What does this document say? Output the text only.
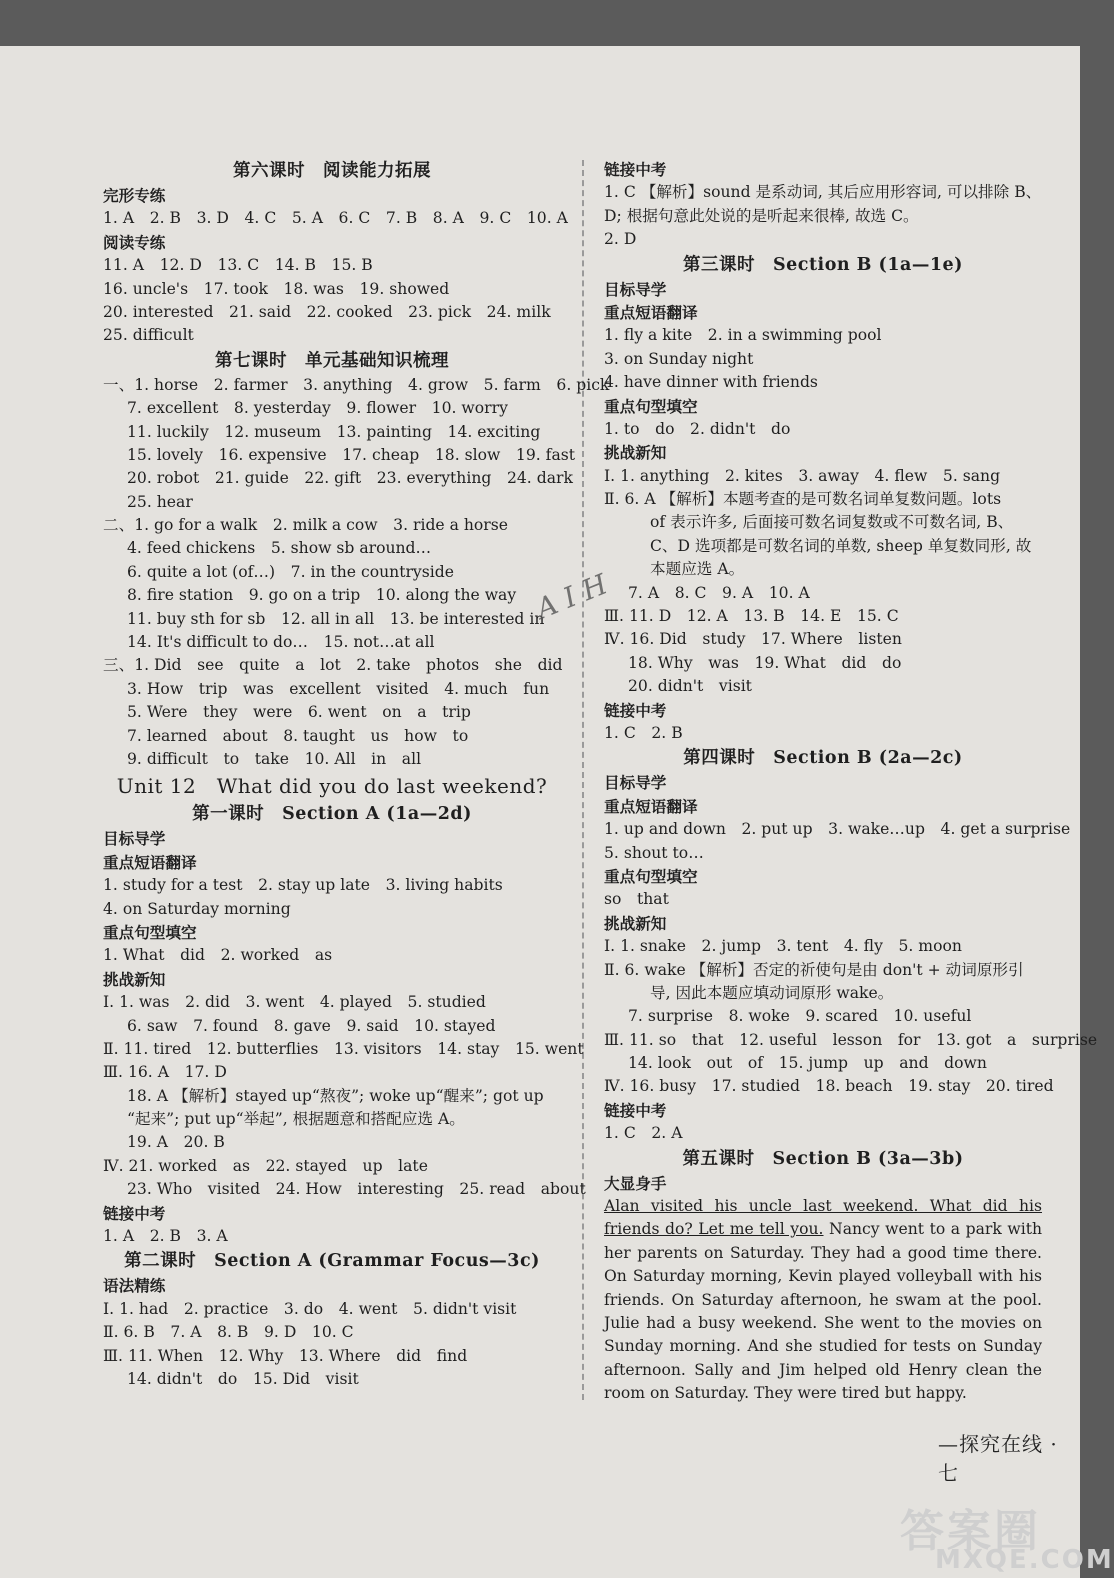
第六课时　阅读能力拓展
完形专练
1. A　2. B　3. D　4. C　5. A　6. C　7. B　8. A　9. C　10. A
阅读专练
11. A　12. D　13. C　14. B　15. B
16. uncle's　17. took　18. was　19. showed
20. interested　21. said　22. cooked　23. pick　24. milk
25. difficult
第七课时　单元基础知识梳理
一、1. horse　2. farmer　3. anything　4. grow　5. farm　6. pick
7. excellent　8. yesterday　9. flower　10. worry
11. luckily　12. museum　13. painting　14. exciting
15. lovely　16. expensive　17. cheap　18. slow　19. fast
20. robot　21. guide　22. gift　23. everything　24. dark
25. hear
二、1. go for a walk　2. milk a cow　3. ride a horse
4. feed chickens　5. show sb around…
6. quite a lot (of…)　7. in the countryside
8. fire station　9. go on a trip　10. along the way
11. buy sth for sb　12. all in all　13. be interested in
14. It's difficult to do…　15. not…at all
三、1. Did　see　quite　a　lot　2. take　photos　she　did
3. How　trip　was　excellent　visited　4. much　fun
5. Were　they　were　6. went　on　a　trip
7. learned　about　8. taught　us　how　to
9. difficult　to　take　10. All　in　all
Unit 12　What did you do last weekend?
第一课时　Section A (1a—2d)
目标导学
重点短语翻译
1. study for a test　2. stay up late　3. living habits
4. on Saturday morning
重点句型填空
1. What　did　2. worked　as
挑战新知
Ⅰ. 1. was　2. did　3. went　4. played　5. studied
6. saw　7. found　8. gave　9. said　10. stayed
Ⅱ. 11. tired　12. butterflies　13. visitors　14. stay　15. went
Ⅲ. 16. A　17. D
18. A 【解析】stayed up“熬夜”; woke up“醒来”; got up
“起来”; put up“举起”, 根据题意和搭配应选 A。
19. A　20. B
Ⅳ. 21. worked　as　22. stayed　up　late
23. Who　visited　24. How　interesting　25. read　about
链接中考
1. A　2. B　3. A
第二课时　Section A (Grammar Focus—3c)
语法精练
Ⅰ. 1. had　2. practice　3. do　4. went　5. didn't visit
Ⅱ. 6. B　7. A　8. B　9. D　10. C
Ⅲ. 11. When　12. Why　13. Where　did　find
14. didn't　do　15. Did　visit
链接中考
1. C 【解析】sound 是系动词, 其后应用形容词, 可以排除 B、
D; 根据句意此处说的是听起来很棒, 故选 C。
2. D
第三课时　Section B (1a—1e)
目标导学
重点短语翻译
1. fly a kite　2. in a swimming pool
3. on Sunday night
4. have dinner with friends
重点句型填空
1. to　do　2. didn't　do
挑战新知
Ⅰ. 1. anything　2. kites　3. away　4. flew　5. sang
Ⅱ. 6. A 【解析】本题考查的是可数名词单复数问题。lots
of 表示许多, 后面接可数名词复数或不可数名词, B、
C、D 选项都是可数名词的单数, sheep 单复数同形, 故
本题应选 A。
7. A　8. C　9. A　10. A
Ⅲ. 11. D　12. A　13. B　14. E　15. C
Ⅳ. 16. Did　study　17. Where　listen
18. Why　was　19. What　did　do
20. didn't　visit
链接中考
1. C　2. B
第四课时　Section B (2a—2c)
目标导学
重点短语翻译
1. up and down　2. put up　3. wake…up　4. get a surprise
5. shout to…
重点句型填空
so　that
挑战新知
Ⅰ. 1. snake　2. jump　3. tent　4. fly　5. moon
Ⅱ. 6. wake 【解析】否定的祈使句是由 don't + 动词原形引
导, 因此本题应填动词原形 wake。
7. surprise　8. woke　9. scared　10. useful
Ⅲ. 11. so　that　12. useful　lesson　for　13. got　a　surprise
14. look　out　of　15. jump　up　and　down
Ⅳ. 16. busy　17. studied　18. beach　19. stay　20. tired
链接中考
1. C　2. A
第五课时　Section B (3a—3b)
大显身手
Alan visited his uncle last weekend. What did his friends do? Let me tell you. Nancy went to a park with her parents on Saturday. They had a good time there. On Saturday morning, Kevin played volleyball with his friends. On Saturday afternoon, he swam at the pool. Julie had a busy weekend. She went to the movies on Sunday morning. And she studied for tests on Sunday afternoon. Sally and Jim helped old Henry clean the room on Saturday. They were tired but happy.
A I H
—探究在线 · 七
答案圈
MXQE.COM
